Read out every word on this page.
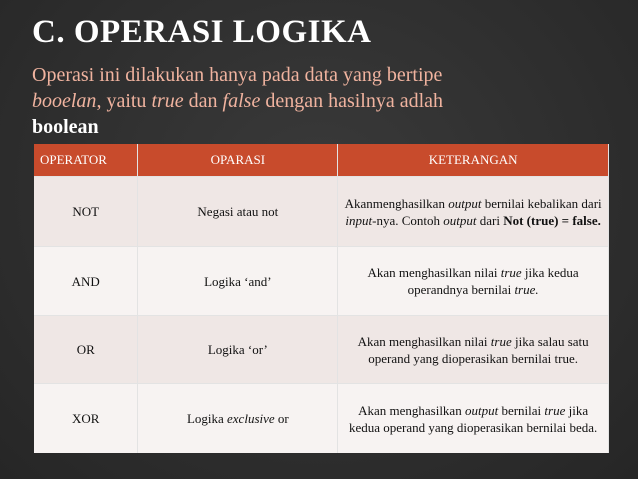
C. OPERASI LOGIKA
Operasi ini dilakukan hanya pada data yang bertipe
booelan, yaitu true dan false dengan hasilnya adlah
boolean
OPERATOR	OPARASI	KETERANGAN
NOT	Negasi atau not	Akanmenghasilkan output bernilai kebalikan dari input-nya. Contoh output dari Not (true) = false.
AND	Logika ‘and’	Akan menghasilkan nilai true jika kedua operandnya bernilai true.
OR	Logika ‘or’	Akan menghasilkan nilai true jika salau satu operand yang dioperasikan bernilai true.
XOR	Logika exclusive or	Akan menghasilkan output bernilai true jika kedua operand yang dioperasikan bernilai beda.
